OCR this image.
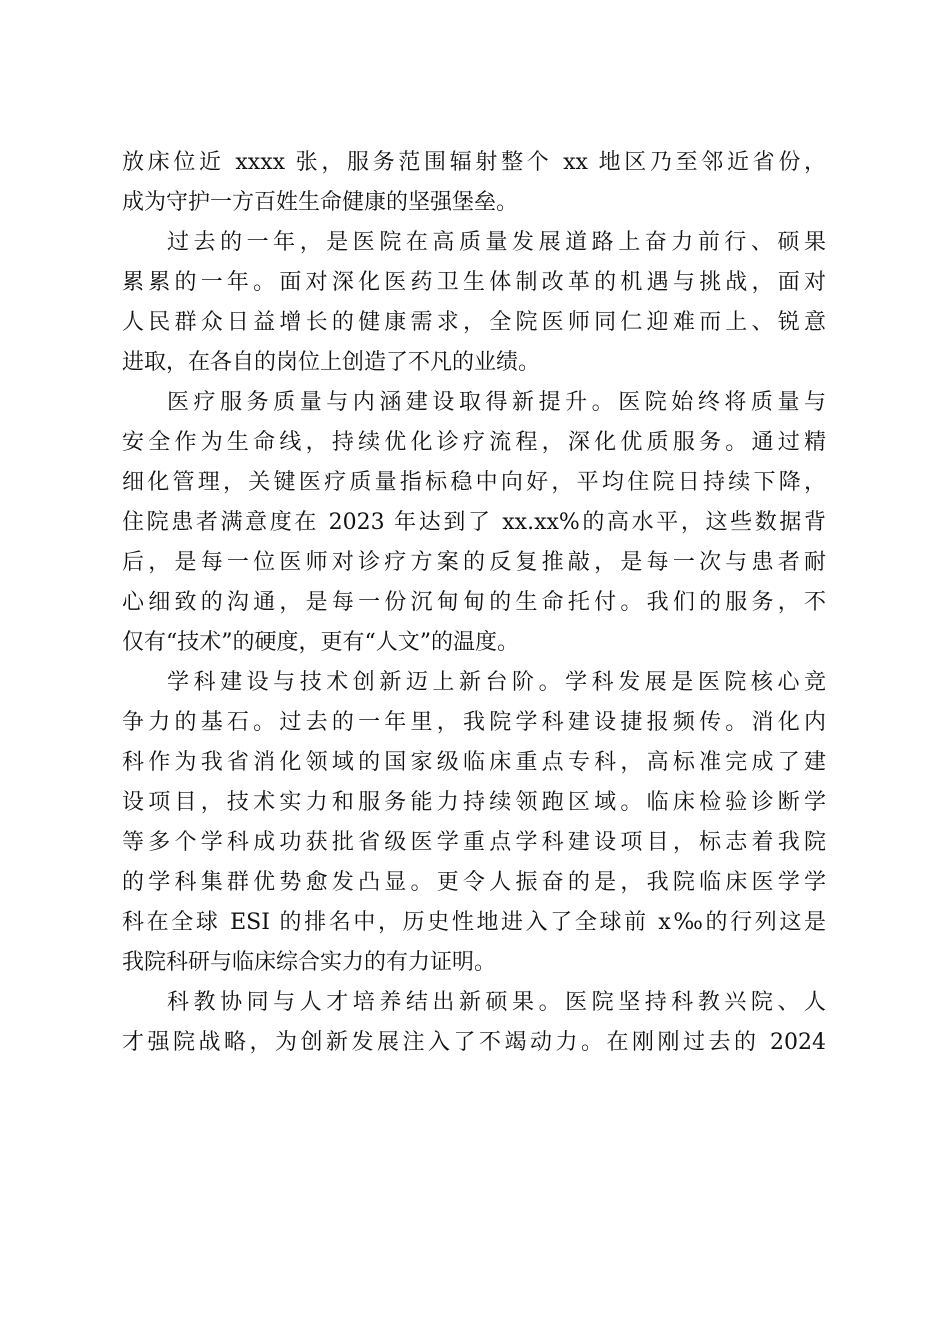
放床位近 xxxx 张，服务范围辐射整个 xx 地区乃至邻近省份，
成为守护一方百姓生命健康的坚强堡垒。
过去的一年，是医院在高质量发展道路上奋力前行、硕果
累累的一年。面对深化医药卫生体制改革的机遇与挑战，面对
人民群众日益增长的健康需求，全院医师同仁迎难而上、锐意
进取，在各自的岗位上创造了不凡的业绩。
医疗服务质量与内涵建设取得新提升。医院始终将质量与
安全作为生命线，持续优化诊疗流程，深化优质服务。通过精
细化管理，关键医疗质量指标稳中向好，平均住院日持续下降，
住院患者满意度在 2023 年达到了 xx.xx%的高水平，这些数据背
后，是每一位医师对诊疗方案的反复推敲，是每一次与患者耐
心细致的沟通，是每一份沉甸甸的生命托付。我们的服务，不
仅有“技术”的硬度，更有“人文”的温度。
学科建设与技术创新迈上新台阶。学科发展是医院核心竞
争力的基石。过去的一年里，我院学科建设捷报频传。消化内
科作为我省消化领域的国家级临床重点专科，高标准完成了建
设项目，技术实力和服务能力持续领跑区域。临床检验诊断学
等多个学科成功获批省级医学重点学科建设项目，标志着我院
的学科集群优势愈发凸显。更令人振奋的是，我院临床医学学
科在全球 ESI 的排名中，历史性地进入了全球前 x‰的行列这是
我院科研与临床综合实力的有力证明。
科教协同与人才培养结出新硕果。医院坚持科教兴院、人
才强院战略，为创新发展注入了不竭动力。在刚刚过去的 2024
